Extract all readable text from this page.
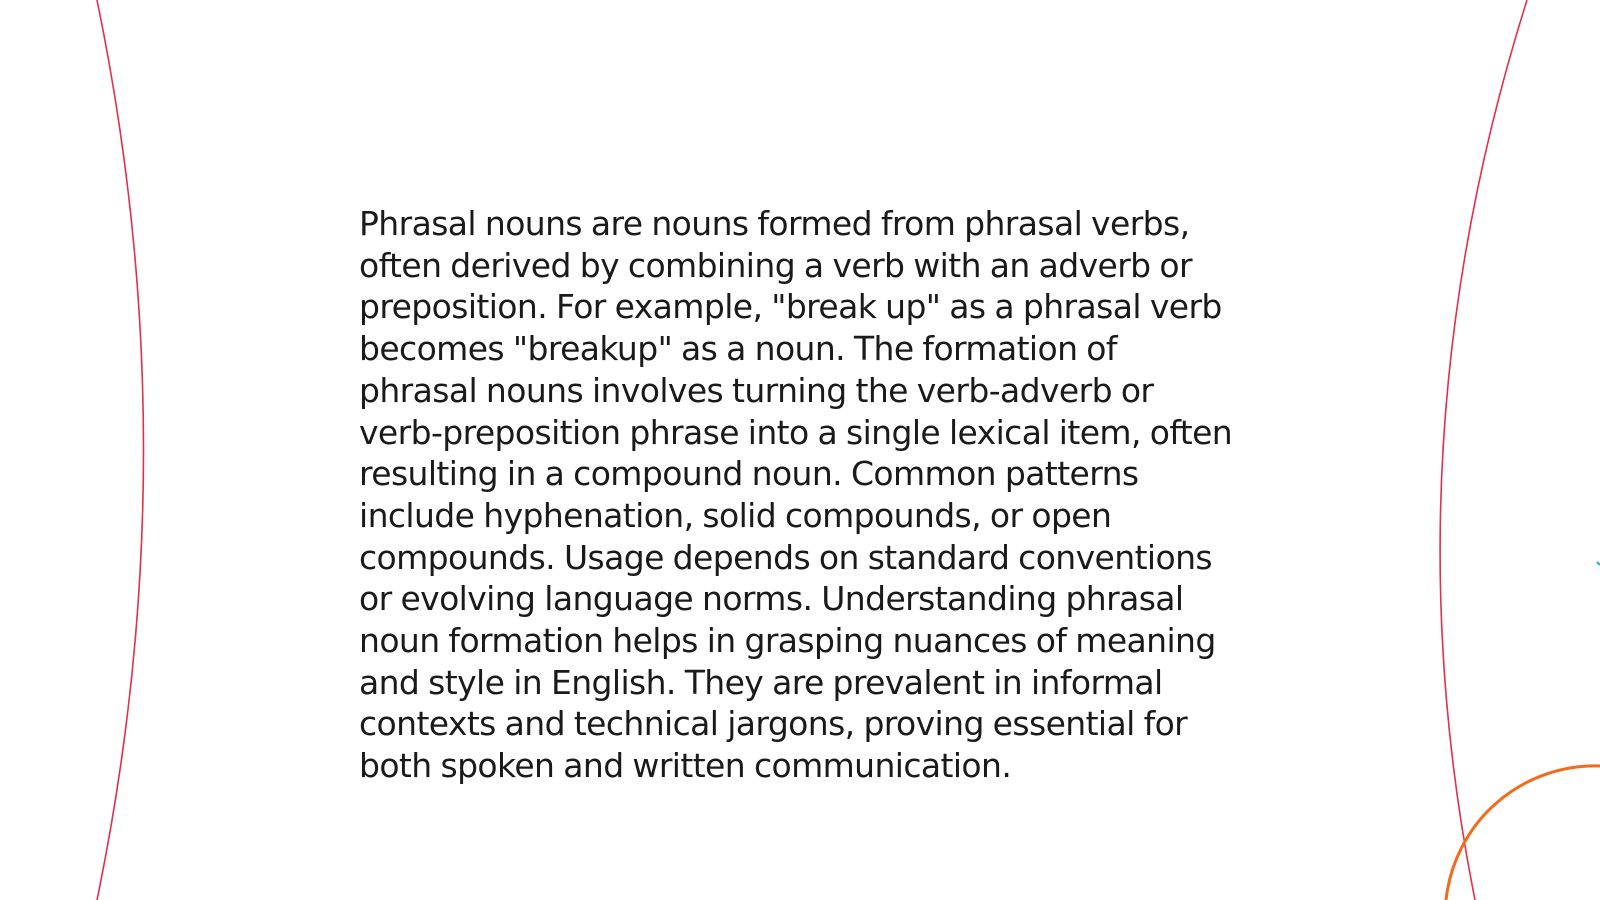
Phrasal nouns are nouns formed from phrasal verbs, often derived by combining a verb with an adverb or preposition. For example, "break up" as a phrasal verb becomes "breakup" as a noun. The formation of phrasal nouns involves turning the verb-adverb or verb-preposition phrase into a single lexical item, often resulting in a compound noun. Common patterns include hyphenation, solid compounds, or open compounds. Usage depends on standard conventions or evolving language norms. Understanding phrasal noun formation helps in grasping nuances of meaning and style in English. They are prevalent in informal contexts and technical jargons, proving essential for both spoken and written communication.
